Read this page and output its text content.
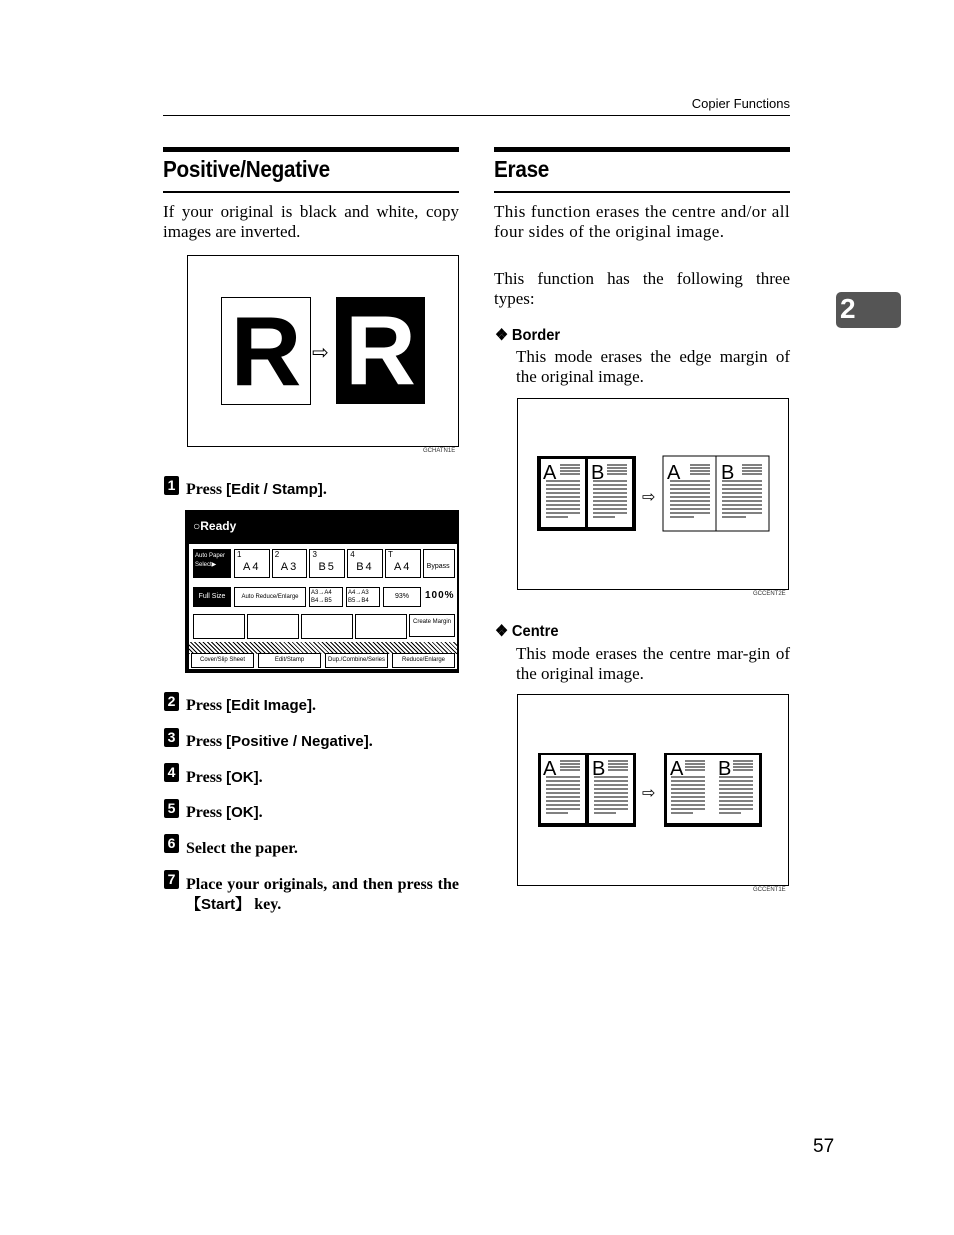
Copier Functions
2
Positive/Negative
If your original is black and white, copy images are inverted.
R ⇨ R
GCHATN1E
1 Press [Edit / Stamp].
○Ready
Auto Paper Select▶
1
A4
2
A3
3
B5
4
B4
T
A4 Bypass
Full Size	Auto Reduce/Enlarge
A3→A4 B4→B5
A4→A3 B5→B4
93%	100%
Create Margin
Cover/Slip Sheet	Edit/Stamp	Dup./Combine/Series	Reduce/Enlarge
2 Press [Edit Image].
3 Press [Positive / Negative].
4 Press [OK].
5 Press [OK].
6 Select the paper.
7 Place your originals, and then press the 【Start】 key.
Erase
This function erases the centre and/or all four sides of the original image.
This function has the following three types:
❖ Border
This mode erases the edge margin of the original image.
A B
⇨
A B
GCCENT2E
❖ Centre
This mode erases the centre mar-gin of the original image.
A B
⇨
A B
GCCENT1E
57
